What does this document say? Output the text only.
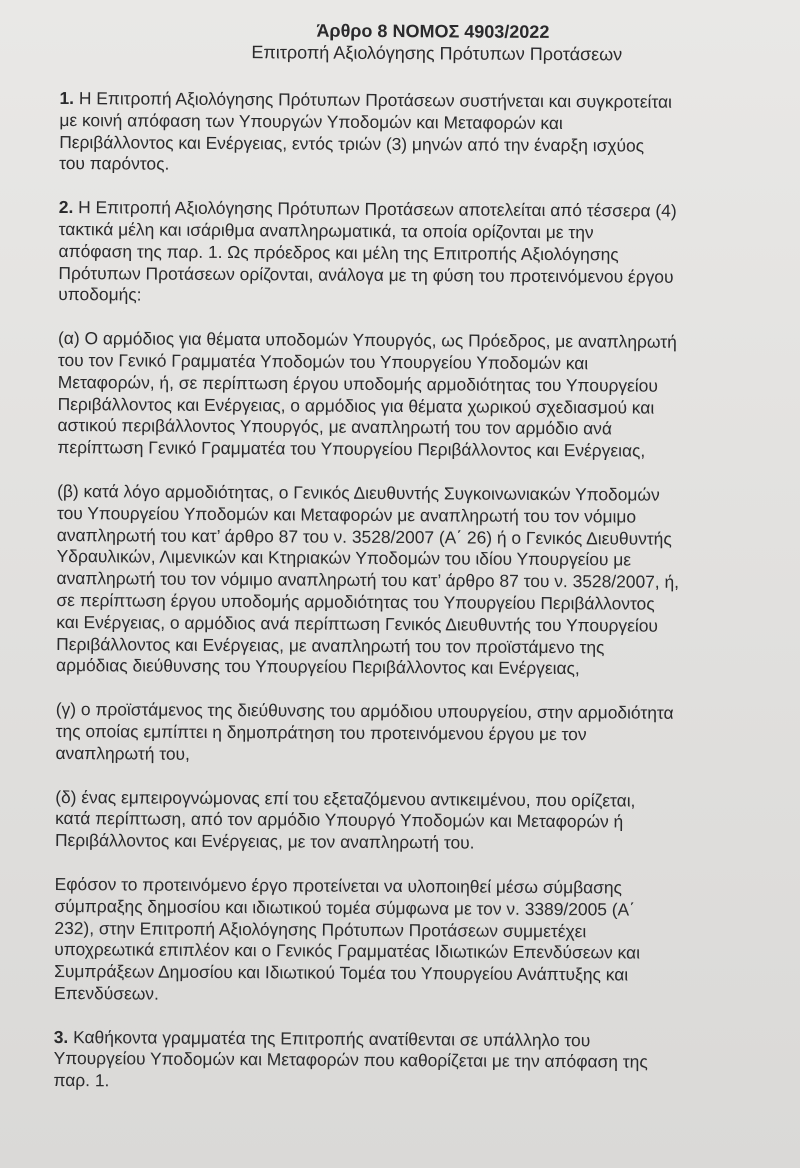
Άρθρο 8 ΝΟΜΟΣ 4903/2022

Επιτροπή Αξιολόγησης Πρότυπων Προτάσεων

1. Η Επιτροπή Αξιολόγησης Πρότυπων Προτάσεων συστήνεται και συγκροτείται
με κοινή απόφαση των Υπουργών Υποδομών και Μεταφορών και
Περιβάλλοντος και Ενέργειας, εντός τριών (3) μηνών από την έναρξη ισχύος
του παρόντος.

2. Η Επιτροπή Αξιολόγησης Πρότυπων Προτάσεων αποτελείται από τέσσερα (4)
τακτικά μέλη και ισάριθμα αναπληρωματικά, τα οποία ορίζονται με την
απόφαση της παρ. 1. Ως πρόεδρος και μέλη της Επιτροπής Αξιολόγησης
Πρότυπων Προτάσεων ορίζονται, ανάλογα με τη φύση του προτεινόμενου έργου
υποδομής:

(α) Ο αρμόδιος για θέματα υποδομών Υπουργός, ως Πρόεδρος, με αναπληρωτή
του τον Γενικό Γραμματέα Υποδομών του Υπουργείου Υποδομών και
Μεταφορών, ή, σε περίπτωση έργου υποδομής αρμοδιότητας του Υπουργείου
Περιβάλλοντος και Ενέργειας, ο αρμόδιος για θέματα χωρικού σχεδιασμού και
αστικού περιβάλλοντος Υπουργός, με αναπληρωτή του τον αρμόδιο ανά
περίπτωση Γενικό Γραμματέα του Υπουργείου Περιβάλλοντος και Ενέργειας,

(β) κατά λόγο αρμοδιότητας, ο Γενικός Διευθυντής Συγκοινωνιακών Υποδομών
του Υπουργείου Υποδομών και Μεταφορών με αναπληρωτή του τον νόμιμο
αναπληρωτή του κατ’ άρθρο 87 του ν. 3528/2007 (Α΄ 26) ή ο Γενικός Διευθυντής
Υδραυλικών, Λιμενικών και Κτηριακών Υποδομών του ιδίου Υπουργείου με
αναπληρωτή του τον νόμιμο αναπληρωτή του κατ’ άρθρο 87 του ν. 3528/2007, ή,
σε περίπτωση έργου υποδομής αρμοδιότητας του Υπουργείου Περιβάλλοντος
και Ενέργειας, ο αρμόδιος ανά περίπτωση Γενικός Διευθυντής του Υπουργείου
Περιβάλλοντος και Ενέργειας, με αναπληρωτή του τον προϊστάμενο της
αρμόδιας διεύθυνσης του Υπουργείου Περιβάλλοντος και Ενέργειας,

(γ) ο προϊστάμενος της διεύθυνσης του αρμόδιου υπουργείου, στην αρμοδιότητα
της οποίας εμπίπτει η δημοπράτηση του προτεινόμενου έργου με τον
αναπληρωτή του,

(δ) ένας εμπειρογνώμονας επί του εξεταζόμενου αντικειμένου, που ορίζεται,
κατά περίπτωση, από τον αρμόδιο Υπουργό Υποδομών και Μεταφορών ή
Περιβάλλοντος και Ενέργειας, με τον αναπληρωτή του.

Εφόσον το προτεινόμενο έργο προτείνεται να υλοποιηθεί μέσω σύμβασης
σύμπραξης δημοσίου και ιδιωτικού τομέα σύμφωνα με τον ν. 3389/2005 (Α΄
232), στην Επιτροπή Αξιολόγησης Πρότυπων Προτάσεων συμμετέχει
υποχρεωτικά επιπλέον και ο Γενικός Γραμματέας Ιδιωτικών Επενδύσεων και
Συμπράξεων Δημοσίου και Ιδιωτικού Τομέα του Υπουργείου Ανάπτυξης και
Επενδύσεων.

3. Καθήκοντα γραμματέα της Επιτροπής ανατίθενται σε υπάλληλο του
Υπουργείου Υποδομών και Μεταφορών που καθορίζεται με την απόφαση της
παρ. 1.
